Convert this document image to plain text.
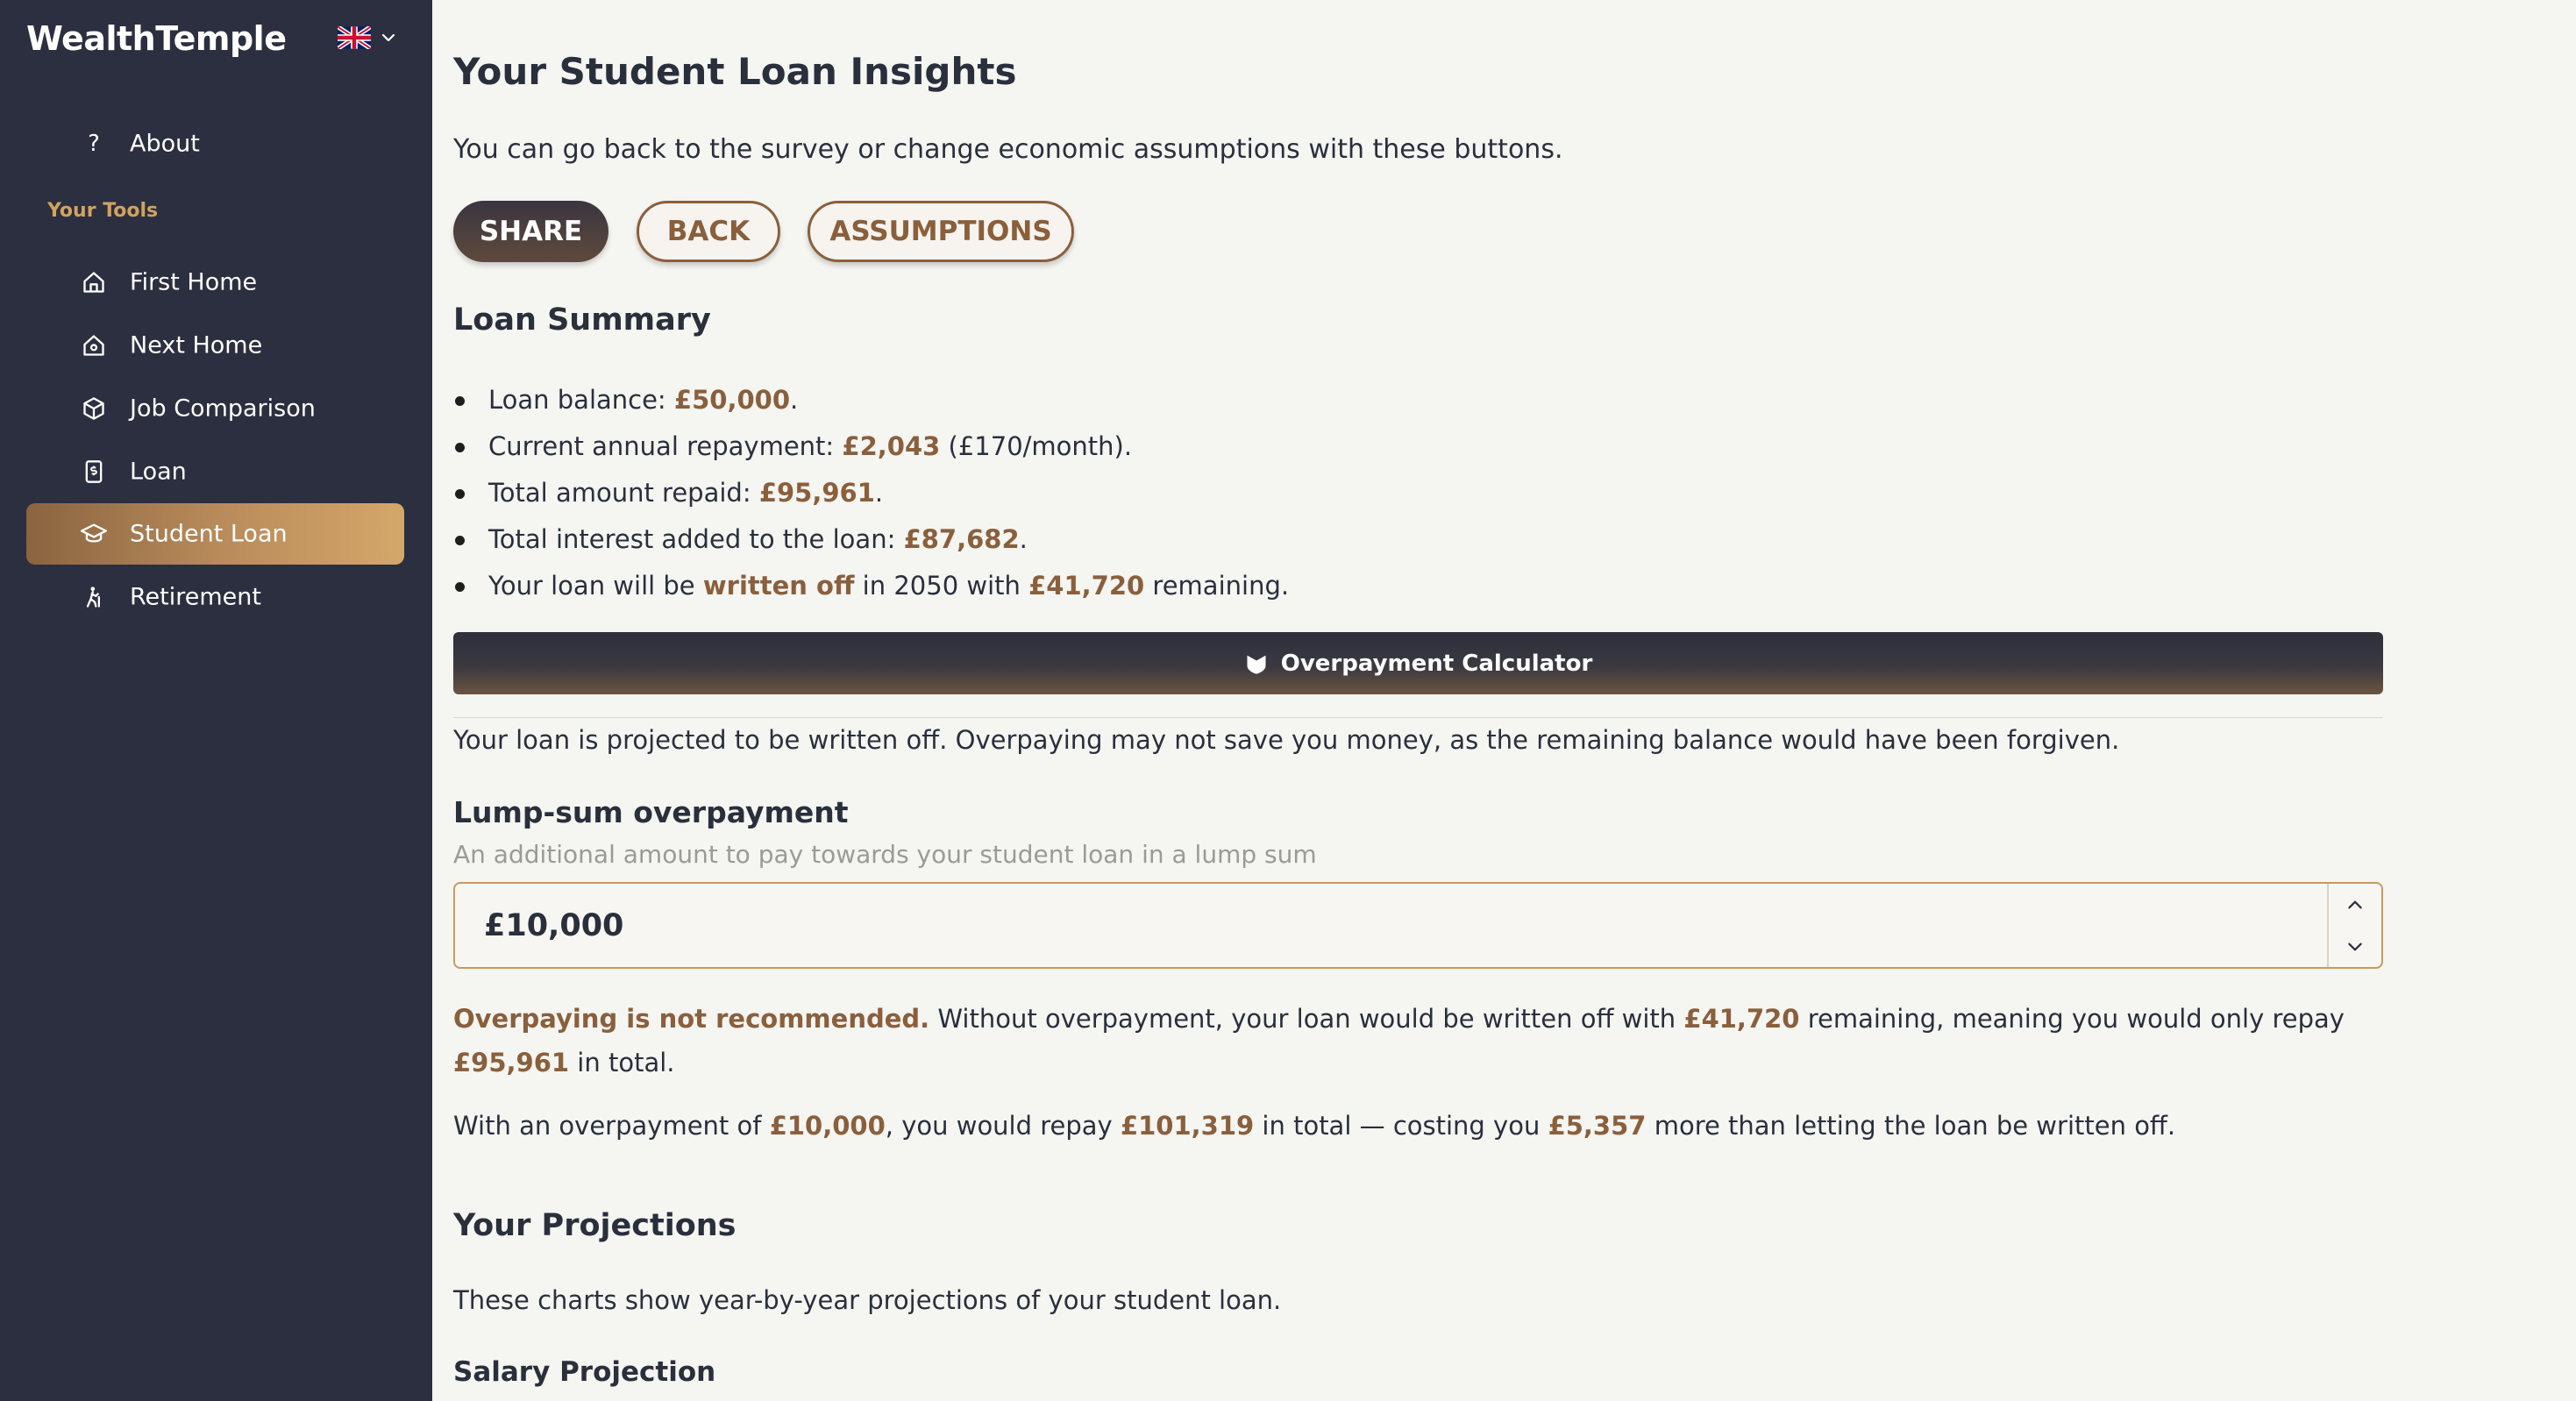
WealthTemple
? About
Your Tools
First Home
Next Home
Job Comparison
Loan
Student Loan
Retirement
Your Student Loan Insights

You can go back to the survey or change economic assumptions with these buttons.

SHARE	BACK	ASSUMPTIONS
Loan Summary
Loan balance: £50,000.
Current annual repayment: £2,043 (£170/month).
Total amount repaid: £95,961.
Total interest added to the loan: £87,682.
Your loan will be written off in 2050 with £41,720 remaining.
Overpayment Calculator

Your loan is projected to be written off. Overpaying may not save you money, as the remaining balance would have been forgiven.

Lump-sum overpayment
An additional amount to pay towards your student loan in a lump sum
£10,000

Overpaying is not recommended. Without overpayment, your loan would be written off with £41,720 remaining, meaning you would only repay £95,961 in total.

With an overpayment of £10,000, you would repay £101,319 in total — costing you £5,357 more than letting the loan be written off.

Your Projections

These charts show year-by-year projections of your student loan.

Salary Projection
